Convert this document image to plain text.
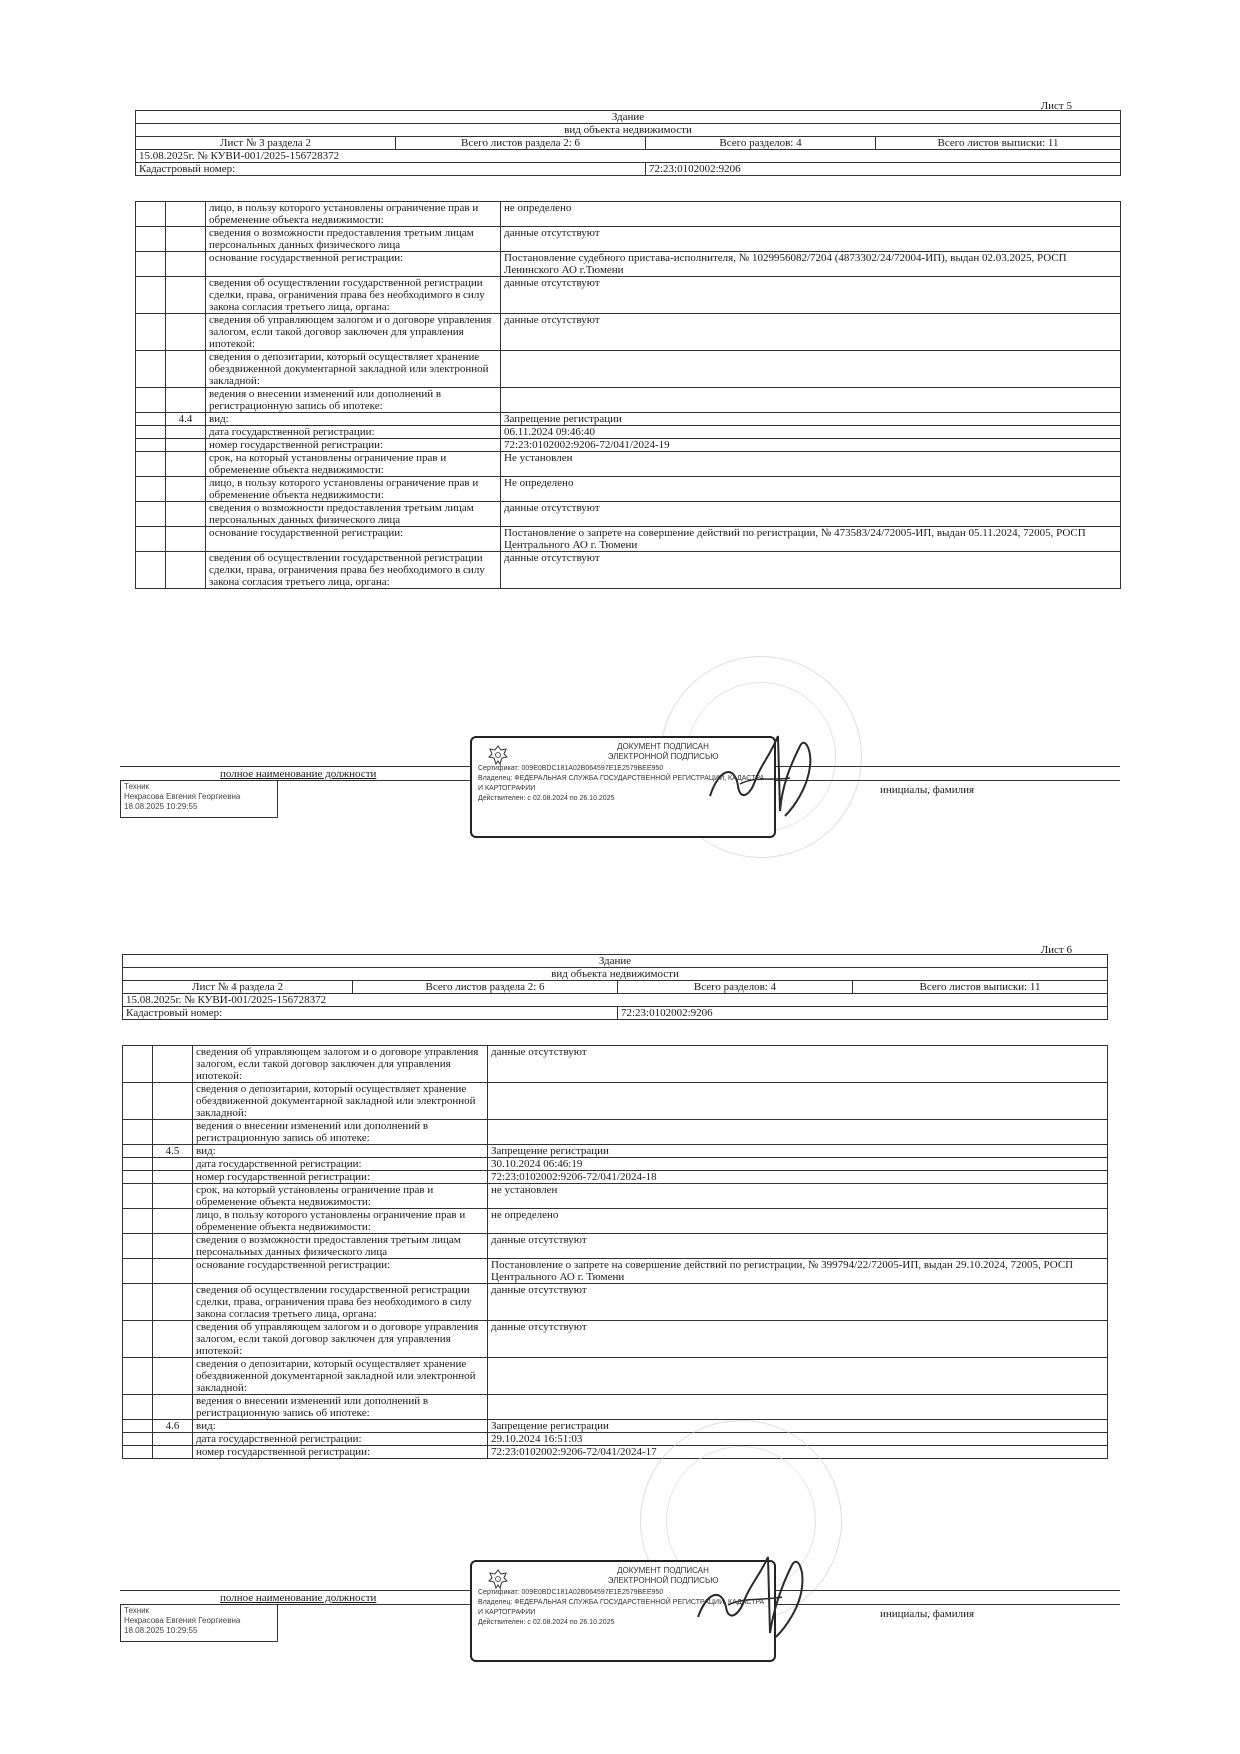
Лист 5
Здание			
вид объекта недвижимости			
Лист № 3 раздела 2	Всего листов раздела 2: 6	Всего разделов: 4	Всего листов выписки: 11
15.08.2025г. № КУВИ-001/2025-156728372			
Кадастровый номер:		72:23:0102002:9206	
		лицо, в пользу которого установлены ограничение прав и обременение объекта недвижимости:	не определено
		сведения о возможности предоставления третьим лицам персональных данных физического лица	данные отсутствуют
		основание государственной регистрации:	Постановление судебного пристава-исполнителя, № 1029956082/7204 (4873302/24/72004-ИП), выдан 02.03.2025, РОСП Ленинского АО г.Тюмени
		сведения об осуществлении государственной регистрации сделки, права, ограничения права без необходимого в силу закона согласия третьего лица, органа:	данные отсутствуют
		сведения об управляющем залогом и о договоре управления залогом, если такой договор заключен для управления ипотекой:	данные отсутствуют
		сведения о депозитарии, который осуществляет хранение обездвиженной документарной закладной или электронной закладной:	
		ведения о внесении изменений или дополнений в регистрационную запись об ипотеке:	
	4.4	вид:	Запрещение регистрации
		дата государственной регистрации:	06.11.2024 09:46:40
		номер государственной регистрации:	72:23:0102002:9206-72/041/2024-19
		срок, на который установлены ограничение прав и обременение объекта недвижимости:	Не установлен
		лицо, в пользу которого установлены ограничение прав и обременение объекта недвижимости:	Не определено
		сведения о возможности предоставления третьим лицам персональных данных физического лица	данные отсутствуют
		основание государственной регистрации:	Постановление о запрете на совершение действий по регистрации, № 473583/24/72005-ИП, выдан 05.11.2024, 72005, РОСП Центрального АО г. Тюмени
		сведения об осуществлении государственной регистрации сделки, права, ограничения права без необходимого в силу закона согласия третьего лица, органа:	данные отсутствуют
полное наименование должности
инициалы, фамилия
Техник
Некрасова Евгения Георгиевна
18.08.2025 10:29:55
ДОКУМЕНТ ПОДПИСАН
ЭЛЕКТРОННОЙ ПОДПИСЬЮ
Сертификат: 009E0BDC181A02B064597E1E2579BEE950
Владелец: ФЕДЕРАЛЬНАЯ СЛУЖБА ГОСУДАРСТВЕННОЙ РЕГИСТРАЦИИ, КАДАСТРА И КАРТОГРАФИИ
Действителен: с 02.08.2024 по 26.10.2025
Лист 6
Здание			
вид объекта недвижимости			
Лист № 4 раздела 2	Всего листов раздела 2: 6	Всего разделов: 4	Всего листов выписки: 11
15.08.2025г. № КУВИ-001/2025-156728372			
Кадастровый номер:		72:23:0102002:9206	
		сведения об управляющем залогом и о договоре управления залогом, если такой договор заключен для управления ипотекой:	данные отсутствуют
		сведения о депозитарии, который осуществляет хранение обездвиженной документарной закладной или электронной закладной:	
		ведения о внесении изменений или дополнений в регистрационную запись об ипотеке:	
	4.5	вид:	Запрещение регистрации
		дата государственной регистрации:	30.10.2024 06:46:19
		номер государственной регистрации:	72:23:0102002:9206-72/041/2024-18
		срок, на который установлены ограничение прав и обременение объекта недвижимости:	не установлен
		лицо, в пользу которого установлены ограничение прав и обременение объекта недвижимости:	не определено
		сведения о возможности предоставления третьим лицам персональных данных физического лица	данные отсутствуют
		основание государственной регистрации:	Постановление о запрете на совершение действий по регистрации, № 399794/22/72005-ИП, выдан 29.10.2024, 72005, РОСП Центрального АО г. Тюмени
		сведения об осуществлении государственной регистрации сделки, права, ограничения права без необходимого в силу закона согласия третьего лица, органа:	данные отсутствуют
		сведения об управляющем залогом и о договоре управления залогом, если такой договор заключен для управления ипотекой:	данные отсутствуют
		сведения о депозитарии, который осуществляет хранение обездвиженной документарной закладной или электронной закладной:	
		ведения о внесении изменений или дополнений в регистрационную запись об ипотеке:	
	4.6	вид:	Запрещение регистрации
		дата государственной регистрации:	29.10.2024 16:51:03
		номер государственной регистрации:	72:23:0102002:9206-72/041/2024-17
полное наименование должности
инициалы, фамилия
Техник
Некрасова Евгения Георгиевна
18.08.2025 10:29:55
ДОКУМЕНТ ПОДПИСАН
ЭЛЕКТРОННОЙ ПОДПИСЬЮ
Сертификат: 009E0BDC181A02B064597E1E2579BEE950
Владелец: ФЕДЕРАЛЬНАЯ СЛУЖБА ГОСУДАРСТВЕННОЙ РЕГИСТРАЦИИ, КАДАСТРА И КАРТОГРАФИИ
Действителен: с 02.08.2024 по 26.10.2025
